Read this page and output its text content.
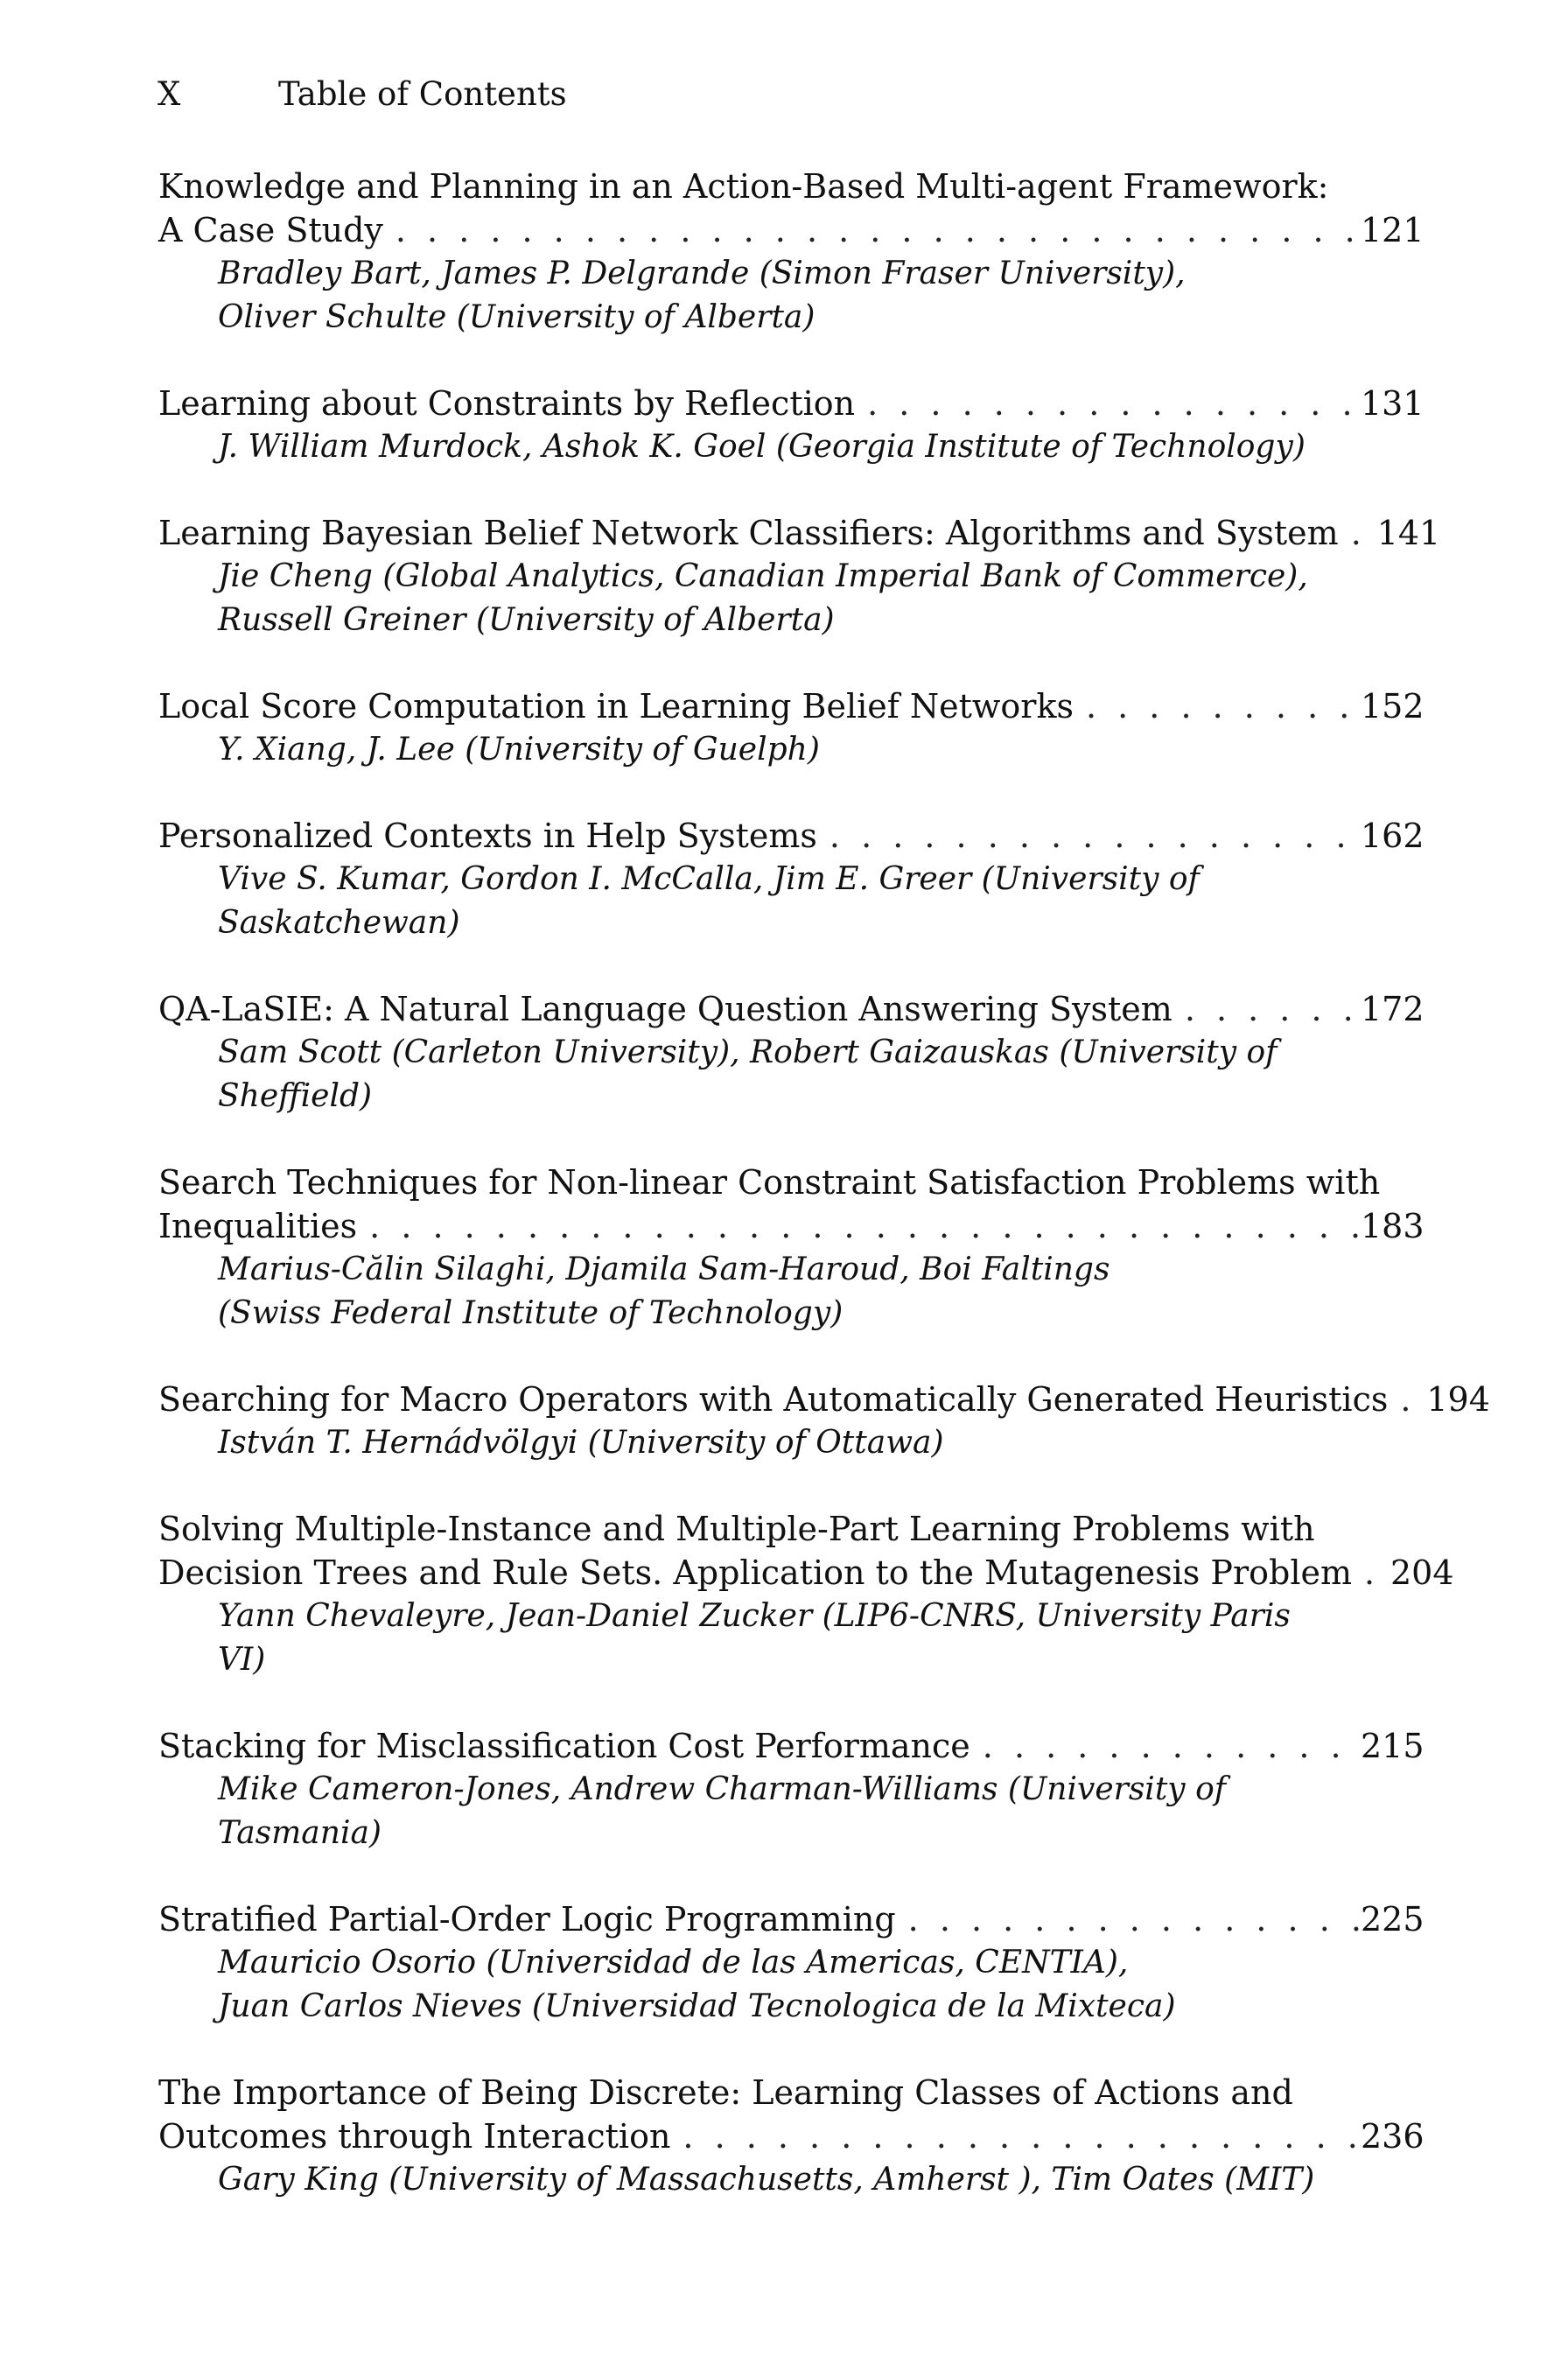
X	Table of Contents
Knowledge and Planning in an Action-Based Multi-agent Framework:
A Case Study . . .	121
Bradley Bart, James P. Delgrande (Simon Fraser University),
Oliver Schulte (University of Alberta)
Learning about Constraints by Reflection . . .	131
J. William Murdock, Ashok K. Goel (Georgia Institute of Technology)
Learning Bayesian Belief Network Classifiers: Algorithms and System . . . 141
Jie Cheng (Global Analytics, Canadian Imperial Bank of Commerce),
Russell Greiner (University of Alberta)
Local Score Computation in Learning Belief Networks . . .	152
Y. Xiang, J. Lee (University of Guelph)
Personalized Contexts in Help Systems . . .	162
Vive S. Kumar, Gordon I. McCalla, Jim E. Greer (University of
Saskatchewan)
QA-LaSIE: A Natural Language Question Answering System . . .	172
Sam Scott (Carleton University), Robert Gaizauskas (University of
Sheffield)
Search Techniques for Non-linear Constraint Satisfaction Problems with
Inequalities . . .	183
Marius-Călin Silaghi, Djamila Sam-Haroud, Boi Faltings
(Swiss Federal Institute of Technology)
Searching for Macro Operators with Automatically Generated Heuristics . . . 194
István T. Hernádvölgyi (University of Ottawa)
Solving Multiple-Instance and Multiple-Part Learning Problems with
Decision Trees and Rule Sets. Application to the Mutagenesis Problem . . . 204
Yann Chevaleyre, Jean-Daniel Zucker (LIP6-CNRS, University Paris
VI)
Stacking for Misclassification Cost Performance . . .	215
Mike Cameron-Jones, Andrew Charman-Williams (University of
Tasmania)
Stratified Partial-Order Logic Programming . . .	225
Mauricio Osorio (Universidad de las Americas, CENTIA),
Juan Carlos Nieves (Universidad Tecnologica de la Mixteca)
The Importance of Being Discrete: Learning Classes of Actions and
Outcomes through Interaction . . .	236
Gary King (University of Massachusetts, Amherst ), Tim Oates (MIT)
